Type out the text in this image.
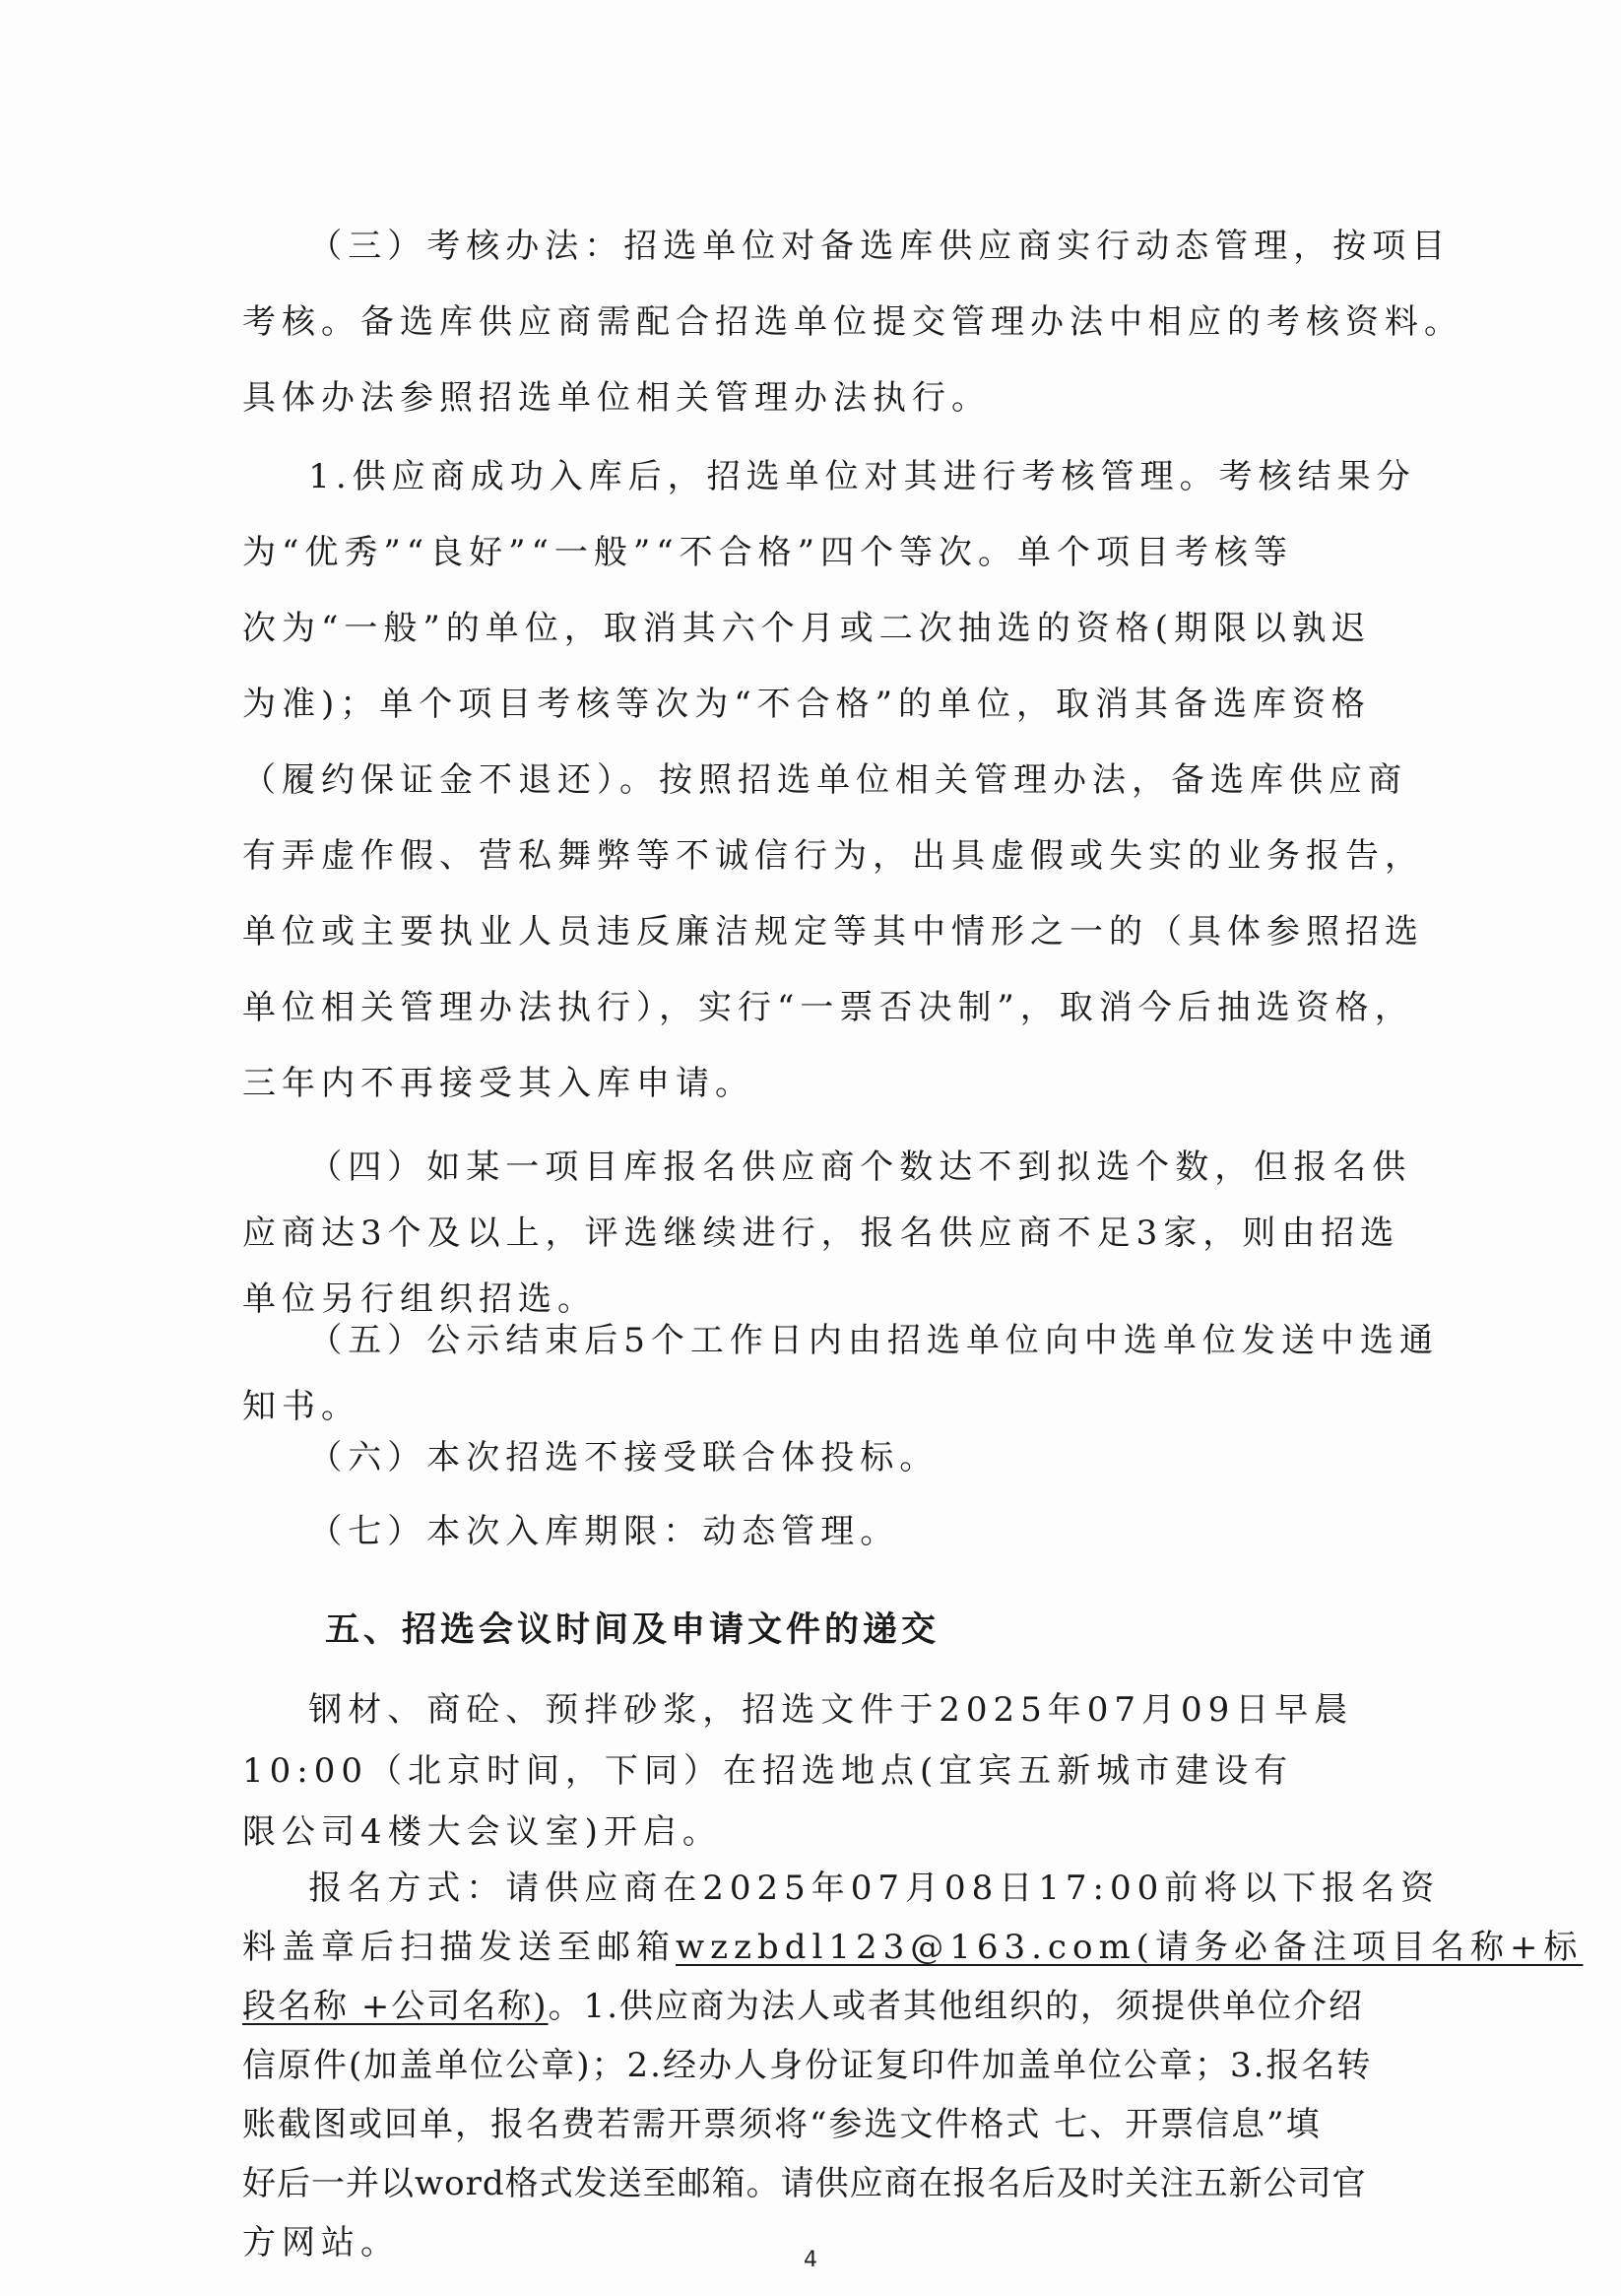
（三）考核办法：招选单位对备选库供应商实行动态管理，按项目
考核。备选库供应商需配合招选单位提交管理办法中相应的考核资料。
具体办法参照招选单位相关管理办法执行。
1.供应商成功入库后，招选单位对其进行考核管理。考核结果分
为“优秀”“良好”“一般”“不合格”四个等次。单个项目考核等
次为“一般”的单位，取消其六个月或二次抽选的资格(期限以孰迟
为准)；单个项目考核等次为“不合格”的单位，取消其备选库资格
（履约保证金不退还）。按照招选单位相关管理办法，备选库供应商
有弄虚作假、营私舞弊等不诚信行为，出具虚假或失实的业务报告，
单位或主要执业人员违反廉洁规定等其中情形之一的（具体参照招选
单位相关管理办法执行），实行“一票否决制”，取消今后抽选资格，
三年内不再接受其入库申请。
（四）如某一项目库报名供应商个数达不到拟选个数，但报名供
应商达3个及以上，评选继续进行，报名供应商不足3家，则由招选
单位另行组织招选。
（五）公示结束后5个工作日内由招选单位向中选单位发送中选通
知书。
（六）本次招选不接受联合体投标。
（七）本次入库期限：动态管理。
五、招选会议时间及申请文件的递交
钢材、商砼、预拌砂浆，招选文件于2025年07月09日早晨
10:00（北京时间，下同）在招选地点(宜宾五新城市建设有
限公司4楼大会议室)开启。
报名方式：请供应商在2025年07月08日17:00前将以下报名资
料盖章后扫描发送至邮箱wzzbdl123@163.com(请务必备注项目名称+标
段名称 +公司名称)。1.供应商为法人或者其他组织的，须提供单位介绍
信原件(加盖单位公章)；2.经办人身份证复印件加盖单位公章；3.报名转
账截图或回单，报名费若需开票须将“参选文件格式 七、开票信息”填
好后一并以word格式发送至邮箱。请供应商在报名后及时关注五新公司官
方网站。	4
